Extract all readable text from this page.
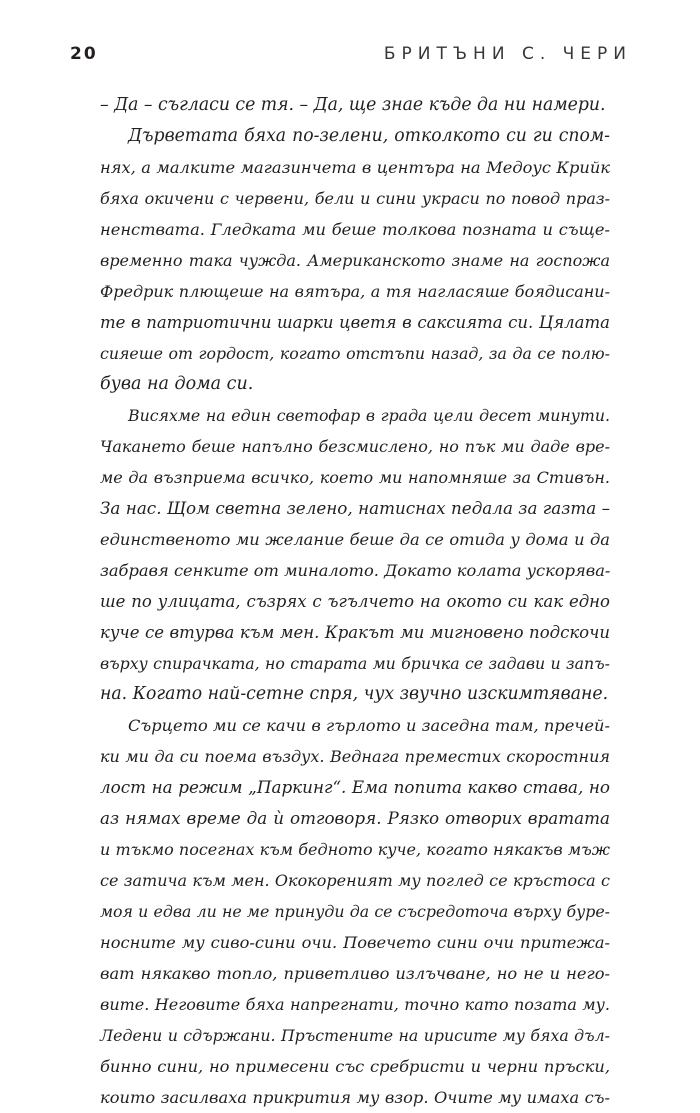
20	БРИТЪНИ С. ЧЕРИ
– Да – съгласи се тя. – Да, ще знае къде да ни намери.
Дърветата бяха по-зелени, отколкото си ги спом-
нях, а малките магазинчета в центъра на Медоус Крийк
бяха окичени с червени, бели и сини украси по повод праз-
ненствата. Гледката ми беше толкова позната и същe-
временно така чужда. Американското знаме на госпожа
Фредрик плющеше на вятъра, а тя нагласяше боядисани-
те в патриотични шарки цветя в саксията си. Цялата
сияеше от гордост, когато отстъпи назад, за да се полю-
бува на дома си.
Висяхме на един светофар в града цели десет минути.
Чакането беше напълно безсмислено, но пък ми даде вре-
ме да възприема всичко, което ми напомняше за Стивън.
За нас. Щом светна зелено, натиснах педала за газта –
единственото ми желание беше да се отида у дома и да
забравя сенките от миналото. Докато колата ускорява-
ше по улицата, съзрях с ъгълчето на окото си как едно
куче се втурва към мен. Кракът ми мигновено подскочи
върху спирачката, но старата ми бричка се задави и запъ-
на. Когато най-сетне спря, чух звучно изскимтяване.
Сърцето ми се качи в гърлото и заседна там, пречей-
ки ми да си поема въздух. Веднага преместих скоростния
лост на режим „Паркинг“. Ема попита какво става, но
аз нямах време да ѝ отговоря. Рязко отворих вратата
и тъкмо посегнах към бедното куче, когато някакъв мъж
се затича към мен. Ококореният му поглед се кръстоса с
моя и едва ли не ме принуди да се съсредоточа върху буре-
носните му сиво-сини очи. Повечето сини очи притежа-
ват някакво топло, приветливо излъчване, но не и него-
вите. Неговите бяха напрегнати, точно като позата му.
Ледени и сдържани. Пръстените на ирисите му бяха дъл-
бинно сини, но примесени със сребристи и черни пръски,
които засилваха прикрития му взор. Очите му имаха съ-
